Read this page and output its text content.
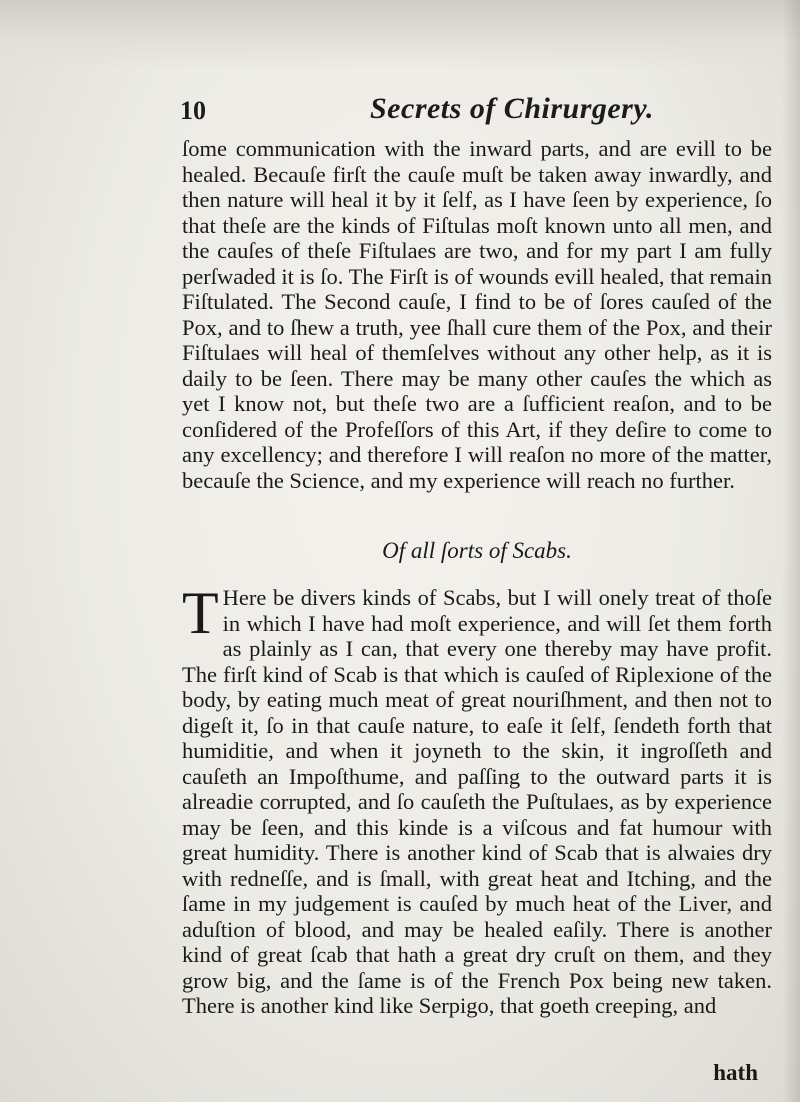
10	Secrets of Chirurgery.

ſome communication with the inward parts, and are evill to be healed. Becauſe firſt the cauſe muſt be taken away inwardly, and then nature will heal it by it ſelf, as I have ſeen by experience, ſo that theſe are the kinds of Fiſtulas moſt known unto all men, and the cauſes of theſe Fiſtulaes are two, and for my part I am fully perſwaded it is ſo. The Firſt is of wounds evill healed, that remain Fiſtulated. The Second cauſe, I find to be of ſores cauſed of the Pox, and to ſhew a truth, yee ſhall cure them of the Pox, and their Fiſtulaes will heal of themſelves without any other help, as it is daily to be ſeen. There may be many other cauſes the which as yet I know not, but theſe two are a ſufficient reaſon, and to be conſidered of the Profeſſors of this Art, if they deſire to come to any excellency; and therefore I will reaſon no more of the matter, becauſe the Science, and my experience will reach no further.

Of all ſorts of Scabs.
T Here be divers kinds of Scabs, but I will onely treat of thoſe in which I have had moſt experience, and will ſet them forth as plainly as I can, that every one thereby may have profit. The firſt kind of Scab is that which is cauſed of Riplexione of the body, by eating much meat of great nouriſhment, and then not to digeſt it, ſo in that cauſe nature, to eaſe it ſelf, ſendeth forth that humiditie, and when it joyneth to the skin, it ingroſſeth and cauſeth an Impoſthume, and paſſing to the outward parts it is alreadie corrupted, and ſo cauſeth the Puſtulaes, as by experience may be ſeen, and this kinde is a viſcous and fat humour with great humidity. There is another kind of Scab that is alwaies dry with redneſſe, and is ſmall, with great heat and Itching, and the ſame in my judgement is cauſed by much heat of the Liver, and aduſtion of blood, and may be healed eaſily. There is another kind of great ſcab that hath a great dry cruſt on them, and they grow big, and the ſame is of the French Pox being new taken. There is another kind like Serpigo, that goeth creeping, and

hath
